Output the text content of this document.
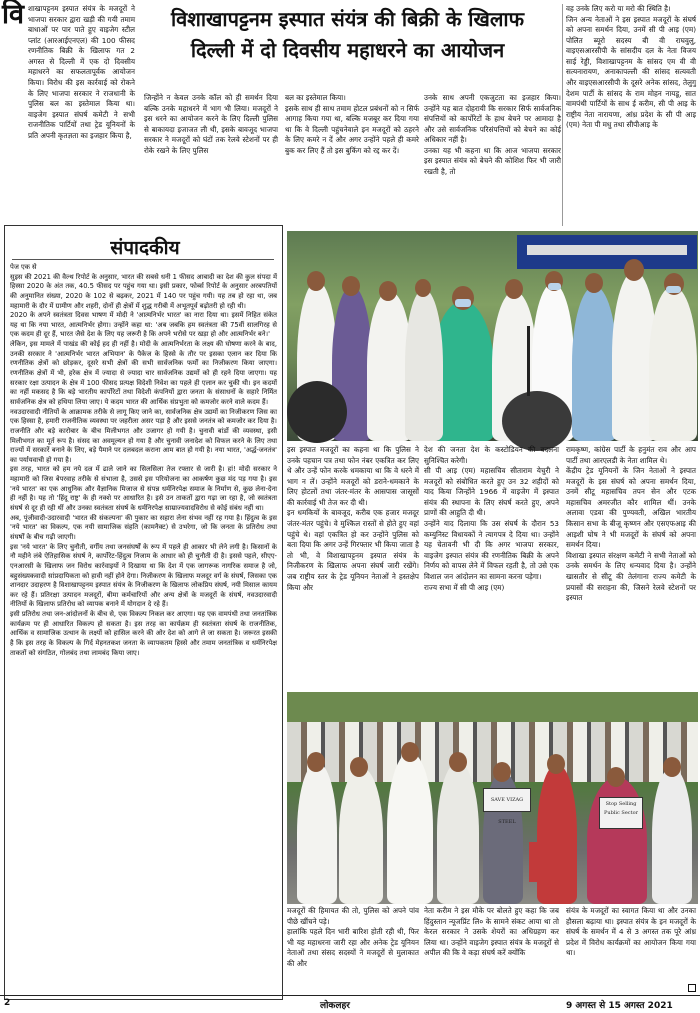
वि शाखापट्टनम इस्पात संयंत्र के मजदूरों ने भाजपा सरकार द्वारा खड़ी की गयी तमाम बाधाओं पर पार पाते हुए वाइजेग स्टील प्लांट (आरआईएनएल) की 100 फीसद रणनीतिक बिक्री के खिलाफ गत 2 अगस्त से दिल्ली में एक दो दिवसीय महाधरने का सफलतापूर्वक आयोजन किया। विरोध की इस कार्रवाई को रोकने के लिए भाजपा सरकार ने राजधानी के पुलिस बल का इस्तेमाल किया था। वाइजेग इस्पात संघर्ष कमेटी ने सभी राजनीतिक पार्टियों तथा ट्रेड यूनियनों के प्रति अपनी कृतज्ञता का इजहार किया है,
विशाखापट्टनम इस्पात संयंत्र की बिक्री के खिलाफ
दिल्ली में दो दिवसीय महाधरने का आयोजन
जिन्होंने न केवल उनके कॉल को ही समर्थन दिया बल्कि उनके महाधरने में भाग भी लिया। मजदूरों ने इस धरने का आयोजन करने के लिए दिल्ली पुलिस से बाकायदा इजाजत ली थी, इसके बावजूद भाजपा सरकार ने मजदूरों को घंटों तक रेलवे स्टेशनों पर ही रोके रखने के लिए पुलिस
बल का इस्तेमाल किया।
इसके साथ ही साथ तमाम होटल प्रबंधनों को न सिर्फ आगाह किया गया था, बल्कि मजबूर कर दिया गया था कि वे दिल्ली पहुंचनेवाले इन मजदूरों को ठहरने के लिए कमरे न दें और अगर उन्होंने पहले ही कमरे बुक कर लिए हैं तो इस बुकिंग को रद्द कर दें।
उनके साथ अपनी एकजुटता का इजहार किया। उन्होंने यह बात दोहरायी कि सरकार सिर्फ सार्वजनिक संपत्तियों को कार्पोरेटों के हाथ बेचने पर आमादा है और उसे सार्वजनिक परिसंपत्तियों को बेचने का कोई अधिकार नहीं है।
उनका यह भी कहना था कि आज भाजपा सरकार इस इस्पात संयंत्र को बेचने की कोशिश फिर भी जारी रखती है, तो
वह उनके लिए करो या मरो की स्थिति है।
जिन अन्य नेताओं ने इस इस्पात मजदूरों के संघर्ष को अपना समर्थन दिया, उनमें सी पी आइ (एम) पोलित ब्यूरो सदस्य बी वी राघवुलु, वाइएसआरसीपी के सांसदीय दल के नेता विजय साई रेड्डी, विशाखापट्टनम के सांसद एम वी वी सत्यनारायण, अनाकापल्ली की सांसद सत्यवती और वाइएसआरसीपी के दूसरे अनेक सांसद, तेलुगु देशम पार्टी के सांसद के राम मोहन नायडू, सात वामपंथी पार्टियों के साथ ई करीम, सी पी आइ के राष्ट्रीय नेता नारायणा, आंध्र प्रदेश के सी पी आइ (एम) नेता पी मधु तथा सीपीआइ के
संपादकीय
पेज एक से
सुइस की 2021 की वैल्थ रिपोर्ट के अनुसार, भारत की सबसे धनी 1 फीसद आबादी का देश की कुल संपदा में हिस्सा 2020 के अंत तक, 40.5 फीसद पर पहुंच गया था। इसी प्रकार, फोर्ब्स रिपोर्ट के अनुसार अरबपतियों की अनुमानित संख्या, 2020 के 102 से बढ़कर, 2021 में 140 पर पहुंच गयी। यह तब हो रहा था, जब महामारी के दौर में ग्रामीण और शहरी, दोनों ही क्षेत्रों में शुद्ध गरीबी में अभूतपूर्व बढ़ोतरी हो रही थी।
2020 के अपने स्वतंत्रता दिवस भाषण में मोदी ने 'आत्मनिर्भर भारत' का नारा दिया था। इसमें निहित संकेत यह था कि नया भारत, आत्मनिर्भर होगा। उन्होंने कहा था: 'अब जबकि हम स्वतंत्रता की 75वीं सालगिरह से एक कदम ही दूर हैं, भारत जैसे देश के लिए यह जरूरी है कि अपने भरोसे पर खड़ा हो और आत्मनिर्भर बने।'
लेकिन, इस मामले में पाखंड की कोई हद ही नहीं है। मोदी के आत्मनिर्भरता के लक्ष्य की घोषणा करने के बाद, उनकी सरकार ने 'आत्मनिर्भर भारत अभियान' के पैकेज के हिस्से के तौर पर इसका एलान कर दिया कि रणनीतिक क्षेत्रों को छोड़कर, दूसरे सभी क्षेत्रों की सभी सार्वजनिक फर्मों का निजीकरण किया जाएगा। रणनीतिक क्षेत्रों में भी, हरेक क्षेत्र में ज्यादा से ज्यादा चार सार्वजनिक उद्यमों को ही रहने दिया जाएगा। यह सरकार रक्षा उत्पादन के क्षेत्र में 100 फीसद प्रत्यक्ष विदेशी निवेश का पहले ही एलान कर चुकी थी। इन कदमों का नहीं मकसद है कि बड़े भारतीय कार्पोरेटों तथा विदेशी कंपनियों द्वारा जनता के संसाधनों के सहारे निर्मित सार्वजनिक क्षेत्र को हथिया लिया जाए। ये कदम भारत की आर्थिक संप्रभुता को कमजोर करने वाले कदम हैं।
नवउदारवादी नीतियों के आक्रामक तरीके से लागू किए जाने का, सार्वजनिक क्षेत्र उद्यमों का निजीकरण जिस का एक हिस्सा है, हमारी राजनीतिक व्यवस्था पर जहरीला असर पड़ा है और इससे जनतंत्र को कमजोर कर दिया है। राजनीति और बड़े कारोबार के बीच मिलीभगत और उजागर हो गयी है। चुनावी बांडों की व्यवस्था, इसी मिलीभगत का मूर्त रूप है। संसद का अवमूल्यन हो गया है और चुनावी जनादेश को विफल करने के लिए तथा राज्यों में सरकारें बनाने के लिए, बड़े पैमाने पर दलबदल कराना आम बात हो गयी है। नया भारत, 'अर्द्ध-जनतंत्र' का पर्यायवाची हो गया है।
इस तरह, भारत को हम नये दल्र में ढाले जाने का सिलसिला तेज रफ्तार से जारी है। हां! मोदी सरकार ने महामारी को जिस बेपरवाह तरीके से संभाला है, उससे इस परियोजना का आकर्षण कुछ मंद पड़ गया है। इस 'नये भारत' का एक आधुनिक और वैज्ञानिक मिजाज से संपन्न धर्मनिरपेक्ष समाज के निर्माण से, कुछ लेना-देना ही नहीं है। यह तो 'हिंदू राष्ट्र' के ही नक्शे पर आधारित है। इसे उन ताकतों द्वारा गढ़ा जा रहा है, जो स्वतंत्रता संघर्ष से दूर ही रही थीं और उनका स्वतंत्रता संघर्ष के धर्मनिरपेक्ष साम्राज्यवादविरोध से कोई संबंध नहीं था।
अब, पूंजीवादी-उदारवादी 'भारत की संकल्पना' की पुकार का सहारा लेना संभव नहीं रह गया है। हिंदुत्व के इस 'नये भारत' का विकल्प, एक नयी सामाजिक संहति (कामनैक्ट) से उभरेगा, जो कि जनता के प्रतिरोध तथा संघर्षों के बीच गढ़ी जाएगी।
इस 'नये भारत' के लिए चुनौती, वर्गीय तथा जनसंघर्षों के रूप में पहले ही आकार भी लेने लगी है। किसानों के नौ महीने लंबे ऐतिहासिक संघर्ष ने, कार्पोरेट-हिंदुत्व निजाम के आधार को ही चुनौती दी है। इससे पहले, सीएए-एनआरसी के खिलाफ जन विरोध कार्रवाइयों ने दिखाया था कि देश में एक जागरूक नागरिक समाज है जो, बहुसंख्यकवादी सांप्रदायिकता को हावी नहीं होने देगा। निजीकरण के खिलाफ मजदूर वर्ग के संघर्ष, जिसका एक शानदार उदाहरण है विशाखापट्टनम इस्पात संयंत्र के निजीकरण के खिलाफ लोकप्रिय संघर्ष, नयी मिसाल कायम कर रहे हैं। प्रतिरक्षा उत्पादन मजदूरों, बीमा कर्मचारियों और अन्य क्षेत्रों के मजदूरों के संघर्ष, नवउदारवादी नीतियों के खिलाफ प्रतिरोध को व्यापक बनाने में योगदान दे रहे हैं।
इसी प्रतिरोध तथा जन-आंदोलनों के बीच से, एक विकल्प निकल कर आएगा। यह एक वामपंथी तथा जनतांत्रिक कार्यक्रम पर ही आधारित विकल्प हो सकता है। इस तरह का कार्यक्रम ही स्वतंत्रता संघर्ष के राजनीतिक, आर्थिक व सामाजिक उत्थान के लक्ष्यों को हासिल करने की ओर देश को आगे ले जा सकता है। जरूरत इसकी है कि इस तरह के विकल्प के गिर्द मेहनतकश जनता के व्यापकतम हिस्से और तमाम जनतांत्रिक व धर्मनिरपेक्ष ताकतों को संगठित, गोलबंद तथा लामबंद किया जाए।
इस इस्पात मजदूरों का कहना था कि पुलिस ने उनके पहचान पत्र तथा फोन नंबर एकत्रित कर लिए थे और उन्हें फोन करके धमकाया था कि वे धरने में भाग न लें। उन्होंने मजदूरों को डराने-धमकाने के लिए होटलों तथा जंतर-मंतर के आसपास जासूसों की कार्रवाई भी तेज कर दी थी।
इन धमकियों के बावजूद, करीब एक हजार मजदूर जंतर-मंतर पहुंचे। वे मुश्किल रास्तों से होते हुए वहां पहुंचे थे। वहां एकत्रित हो कर उन्होंने पुलिस को बता दिया कि अगर उन्हें गिरफ्तार भी किया जाता है तो भी, वे विशाखापट्टनम इस्पात संयंत्र के निजीकरण के खिलाफ अपना संघर्ष जारी रखेंगे। जब राष्ट्रीय स्तर के ट्रेड यूनियन नेताओं ने हस्तक्षेप किया और
देश की जनता देश के कस्टोडियन की बदलना सुनिश्चित करेगी।
सी पी आइ (एम) महासचिव सीताराम येचुरी ने मजदूरों को संबोधित करते हुए उन 32 शहीदों को याद किया जिन्होंने 1966 में वाइजेग में इस्पात संयंत्र की स्थापना के लिए संघर्ष करते हुए, अपने प्राणों की आहुति दी थी।
उन्होंने याद दिलाया कि उस संघर्ष के दौरान 53 कम्युनिस्ट विधायकों ने त्यागपत्र दे दिया था। उन्होंने यह चेतावनी भी दी कि अगर भाजपा सरकार, वाइजेग इस्पात संयंत्र की रणनीतिक बिक्री के अपने निर्णय को वापस लेने में विफल रहती है, तो उसे एक विशाल जन आंदोलन का सामना करना पड़ेगा।
राज्य सभा में सी पी आइ (एम)
रामकृष्ण, कांग्रेस पार्टी के हनुमंत राव और आप पार्टी तथा आरएलडी के नेता शामिल थे।
केंद्रीय ट्रेड यूनियनों के जिन नेताओं ने इस्पात मजदूरों के इस संघर्ष को अपना समर्थन दिया, उनमें सीटू महासचिव तपन सेन और एटक महासचिव अमरजीत कौर शामिल थीं। उनके अलावा एडवा की पुण्यवती, अखिल भारतीय किसान सभा के बीजू कृष्णन और एसएफआइ की आइशी घोष ने भी मजदूरों के संघर्ष को अपना समर्थन दिया।
विशाखा इस्पात संरक्षण कमेटी ने सभी नेताओं को उनके समर्थन के लिए धन्यवाद दिया है। उन्होंने खासतौर से सीटू की तेलंगाना राज्य कमेटी के प्रयासों की सराहना की, जिसने रेलवे स्टेशनों पर इस्पात
SAVE VIZAG STEEL
Stop Selling Public Sector
मजदूरों की हिमायत की तो, पुलिस को अपने पांव पीछे खींचने पड़े।
हालांकि पहले दिन भारी बारिश होती रही थी, फिर भी यह महाधरना जारी रहा और अनेक ट्रेड यूनियन नेताओं तथा संसद सदस्यों ने मजदूरों से मुलाकात की और
नेता करीम ने इस मौके पर बोलते हुए कहा कि जब हिंदुस्तान न्यूजप्रिंट लि० के सामने संकट आया था तो केरल सरकार ने उसके शेयरों का अधिग्रहण कर लिया था। उन्होंने वाइजेग इस्पात संयंत्र के मजदूरों से अपील की कि वे कड़ा संघर्ष करें क्योंकि
संयंत्र के मजदूरों का स्वागत किया था और उनका हौसला बढ़ाया था। इस्पात संयंत्र के इन मजदूरों के संघर्ष के समर्थन में 4 से 3 अगस्त तक पूरे आंध्र प्रदेश में विरोध कार्यक्रमों का आयोजन किया गया था।
2	लोकलहर	9 अगस्त से 15 अगस्त 2021
